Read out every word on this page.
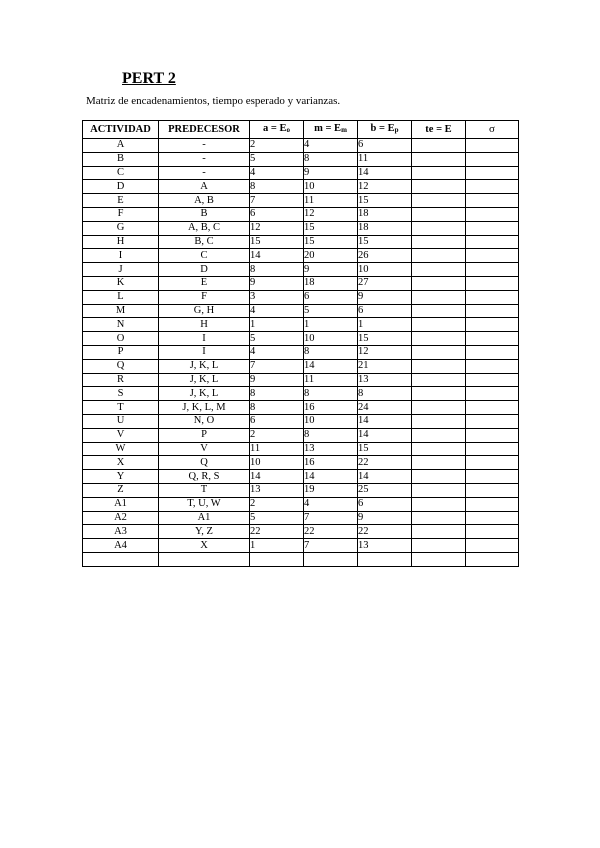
PERT 2

Matriz de encadenamientos, tiempo esperado y varianzas.

ACTIVIDAD	PREDECESOR	a = Eo	m = Em	b = Ep	te = E	σ
A	-	2	4	6		
B	-	5	8	11		
C	-	4	9	14		
D	A	8	10	12		
E	A, B	7	11	15		
F	B	6	12	18		
G	A, B, C	12	15	18		
H	B, C	15	15	15		
I	C	14	20	26		
J	D	8	9	10		
K	E	9	18	27		
L	F	3	6	9		
M	G, H	4	5	6		
N	H	1	1	1		
O	I	5	10	15		
P	I	4	8	12		
Q	J, K, L	7	14	21		
R	J, K, L	9	11	13		
S	J, K, L	8	8	8		
T	J, K, L, M	8	16	24		
U	N, O	6	10	14		
V	P	2	8	14		
W	V	11	13	15		
X	Q	10	16	22		
Y	Q, R, S	14	14	14		
Z	T	13	19	25		
A1	T, U, W	2	4	6		
A2	A1	5	7	9		
A3	Y, Z	22	22	22		
A4	X	1	7	13		
